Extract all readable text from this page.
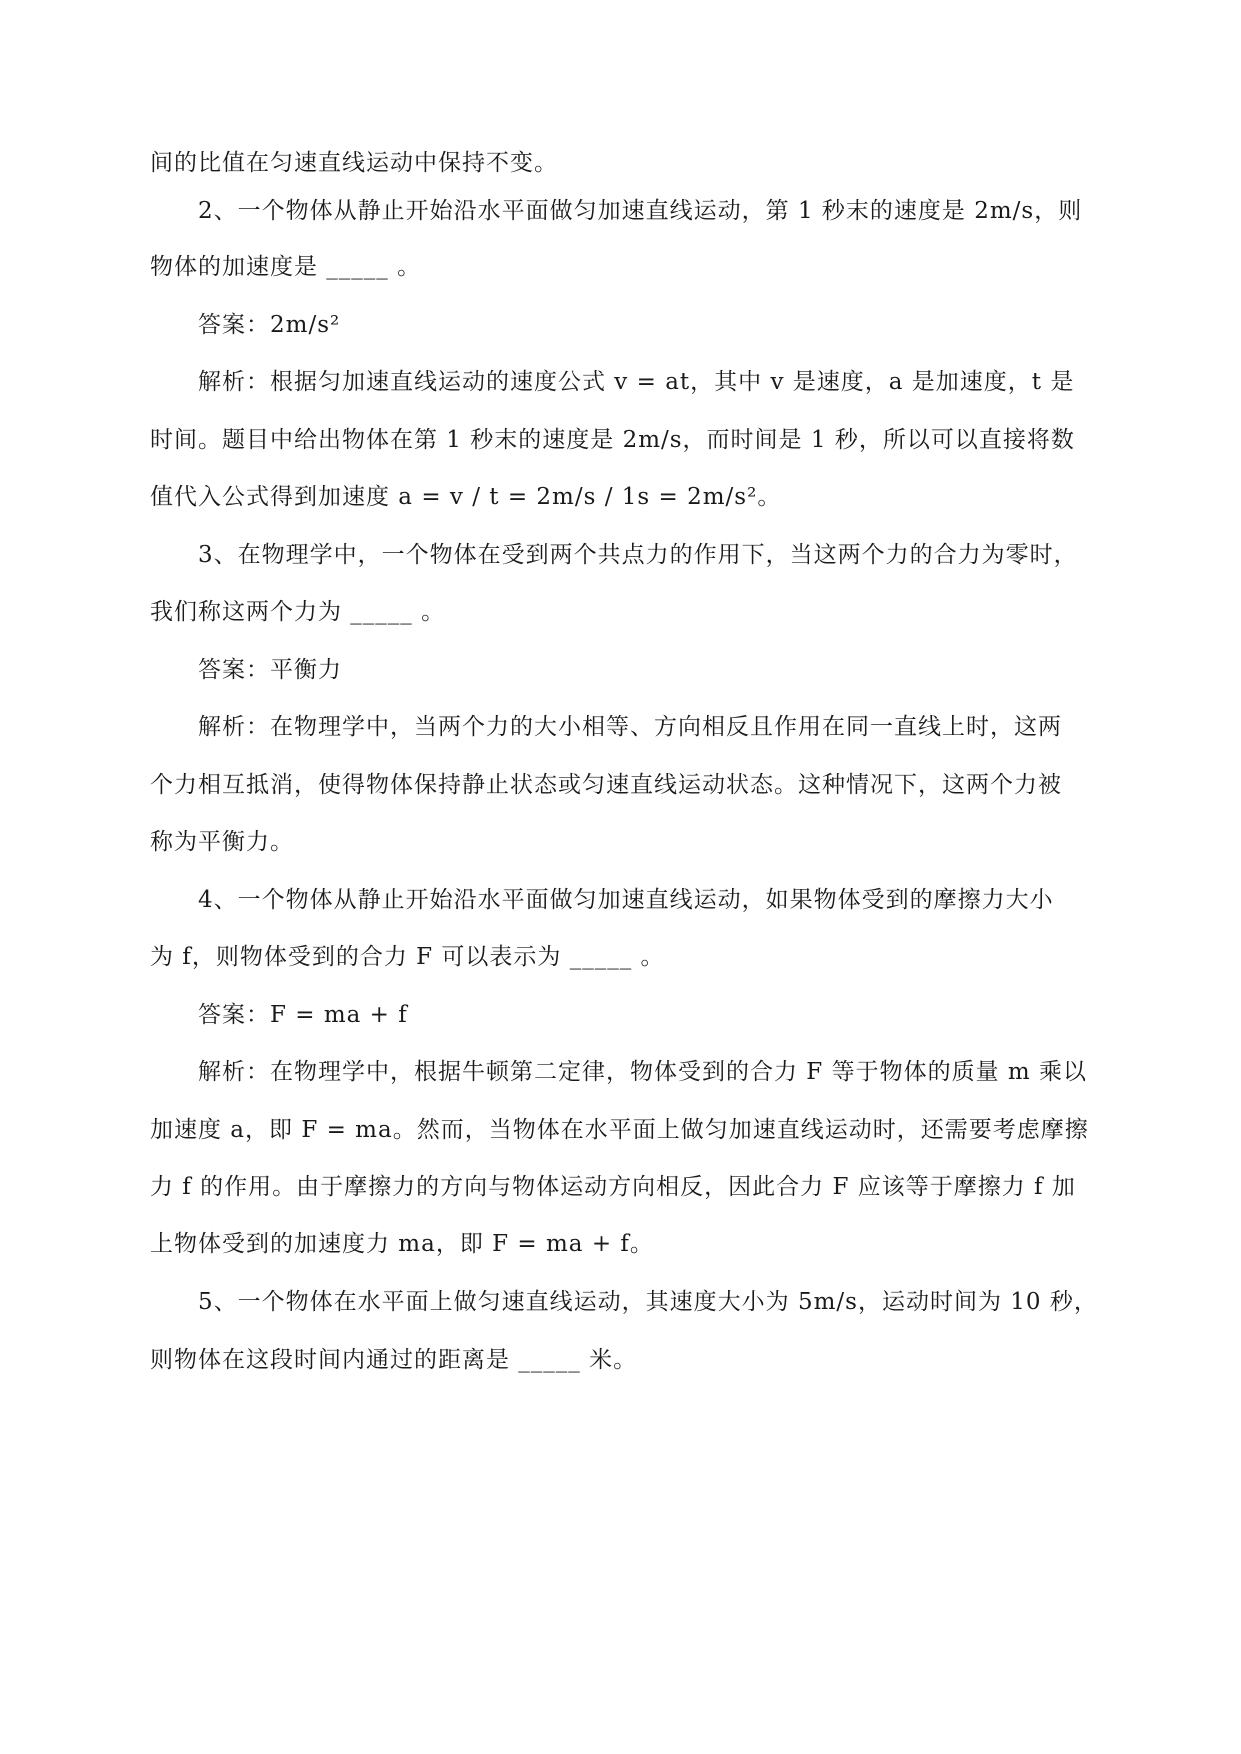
间的比值在匀速直线运动中保持不变。
2、一个物体从静止开始沿水平面做匀加速直线运动，第 1 秒末的速度是 2m/s，则
物体的加速度是 _____ 。
答案：2m/s²
解析：根据匀加速直线运动的速度公式 v = at，其中 v 是速度，a 是加速度，t 是
时间。题目中给出物体在第 1 秒末的速度是 2m/s，而时间是 1 秒，所以可以直接将数
值代入公式得到加速度 a = v / t = 2m/s / 1s = 2m/s²。
3、在物理学中，一个物体在受到两个共点力的作用下，当这两个力的合力为零时，
我们称这两个力为 _____ 。
答案：平衡力
解析：在物理学中，当两个力的大小相等、方向相反且作用在同一直线上时，这两
个力相互抵消，使得物体保持静止状态或匀速直线运动状态。这种情况下，这两个力被
称为平衡力。
4、一个物体从静止开始沿水平面做匀加速直线运动，如果物体受到的摩擦力大小
为 f，则物体受到的合力 F 可以表示为 _____ 。
答案：F = ma + f
解析：在物理学中，根据牛顿第二定律，物体受到的合力 F 等于物体的质量 m 乘以
加速度 a，即 F = ma。然而，当物体在水平面上做匀加速直线运动时，还需要考虑摩擦
力 f 的作用。由于摩擦力的方向与物体运动方向相反，因此合力 F 应该等于摩擦力 f 加
上物体受到的加速度力 ma，即 F = ma + f。
5、一个物体在水平面上做匀速直线运动，其速度大小为 5m/s，运动时间为 10 秒，
则物体在这段时间内通过的距离是 _____ 米。
